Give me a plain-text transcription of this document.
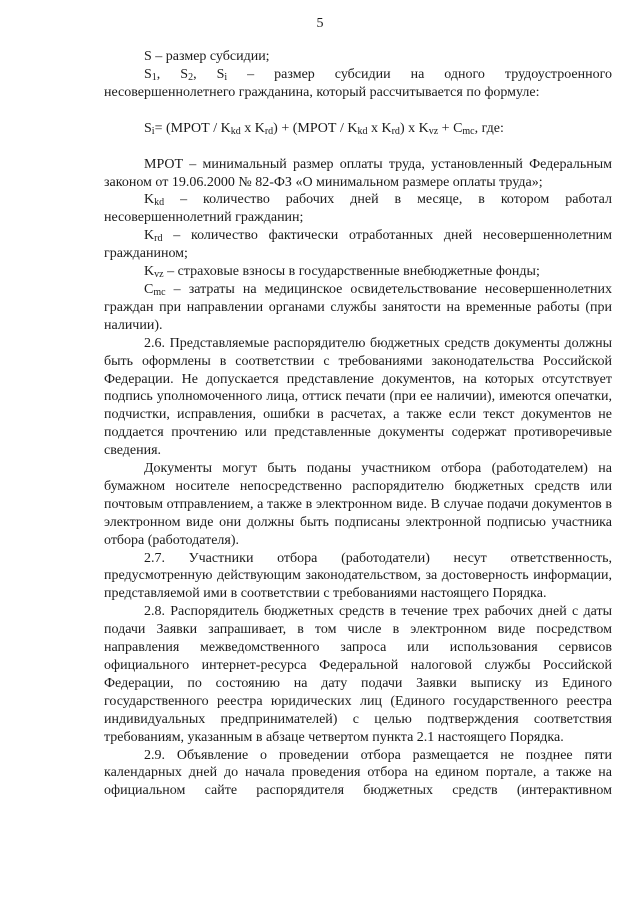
5

S – размер субсидии;

$S_1$, $S_2$, $S_i$ – размер субсидии на одного трудоустроенного

несовершеннолетнего гражданина, который рассчитывается по формуле:

$S_i=$ (МРОТ / $K_{kd}$ х $K_{rd}$) + (МРОТ / $K_{kd}$ х $K_{rd}$) х $K_{vz} + C_{mc}$, где:

МРОТ – минимальный размер оплаты труда, установленный Федеральным законом от 19.06.2000 № 82-ФЗ «О минимальном размере оплаты труда»;

$K_{kd}$ – количество рабочих дней в месяце, в котором работал несовершеннолетний гражданин;

$K_{rd}$ – количество фактически отработанных дней несовершеннолетним гражданином;

$K_{vz}$ – страховые взносы в государственные внебюджетные фонды;

$C_{mc}$ – затраты на медицинское освидетельствование несовершеннолетних граждан при направлении органами службы занятости на временные работы (при наличии).

2.6. Представляемые распорядителю бюджетных средств документы должны быть оформлены в соответствии с требованиями законодательства Российской Федерации. Не допускается представление документов, на которых отсутствует подпись уполномоченного лица, оттиск печати (при ее наличии), имеются опечатки, подчистки, исправления, ошибки в расчетах, а также если текст документов не поддается прочтению или представленные документы содержат противоречивые сведения.

Документы могут быть поданы участником отбора (работодателем) на бумажном носителе непосредственно распорядителю бюджетных средств или почтовым отправлением, а также в электронном виде. В случае подачи документов в электронном виде они должны быть подписаны электронной подписью участника отбора (работодателя).

2.7. Участники отбора (работодатели) несут ответственность, предусмотренную действующим законодательством, за достоверность информации, представляемой ими в соответствии с требованиями настоящего Порядка.

2.8. Распорядитель бюджетных средств в течение трех рабочих дней с даты подачи Заявки запрашивает, в том числе в электронном виде посредством направления межведомственного запроса или использования сервисов официального интернет-ресурса Федеральной налоговой службы Российской Федерации, по состоянию на дату подачи Заявки выписку из Единого государственного реестра юридических лиц (Единого государственного реестра индивидуальных предпринимателей) с целью подтверждения соответствия требованиям, указанным в абзаце четвертом пункта 2.1 настоящего Порядка.

2.9. Объявление о проведении отбора размещается не позднее пяти календарных дней до начала проведения отбора на едином портале, а также на официальном сайте распорядителя бюджетных средств (интерактивном
